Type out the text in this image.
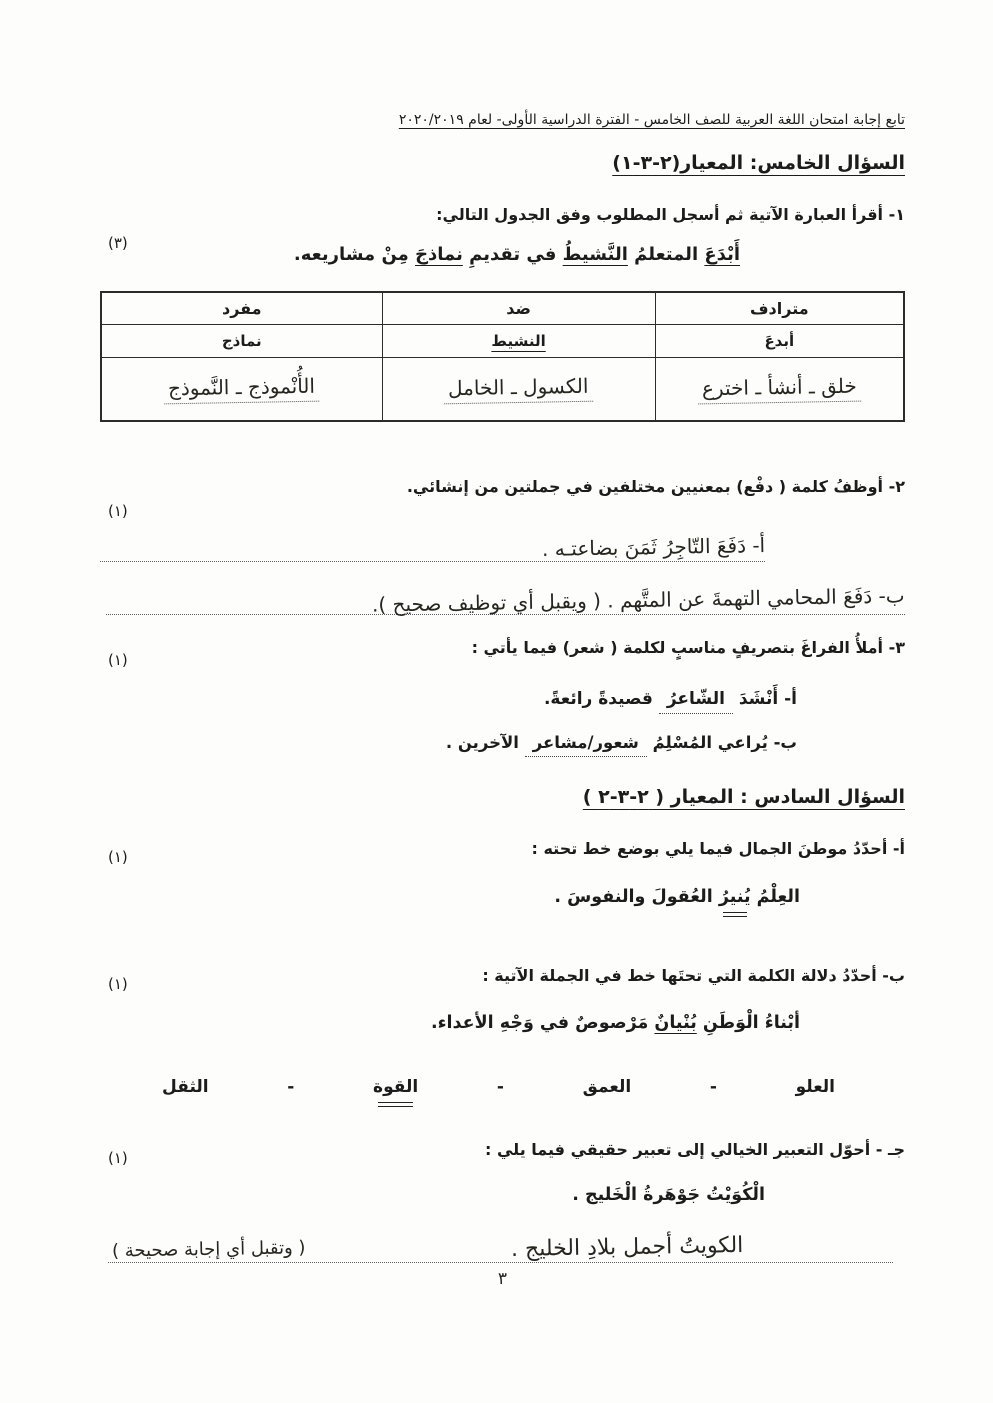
تابع إجابة امتحان اللغة العربية للصف الخامس - الفترة الدراسية الأولى- لعام ٢٠٢٠/٢٠١٩
السؤال الخامس: المعيار(٢-٣-١)

١- أقرأ العبارة الآتية ثم أسجل المطلوب وفق الجدول التالي:

(٣)

أَبْدَعَ المتعلمُ النَّشيطُ في تقديمِ نماذجَ مِنْ مشاريعه.

مترادف	ضد	مفرد
أبدعَ	النشيط	نماذج
خلق ـ أنشأ ـ اخترع	الكسول ـ الخامل	الأُنْموذج ـ النَّموذج

٢- أوظفُ كلمة ( دفْع) بمعنيين مختلفين في جملتين من إنشائي.

(١)
أ- دَفَعَ التّاجِرُ ثَمَنَ بضاعتـه .
ب- دَفَعَ المحامي التهمةَ عن المتَّهم . ( ويقبل أي توظيف صحيح ).

٣- أملأُ الفراغَ بتصريفٍ مناسبٍ لكلمة ( شعر) فيما يأتي :

(١)

أ- أَنْشَدَ الشّاعرُ قصيدةً رائعةً.

ب- يُراعي المُسْلِمُ شعور/مشاعر الآخرين .

السؤال السادس : المعيار ( ٢-٣-٢ )

أ- أحدّدُ موطنَ الجمال فيما يلي بوضع خط تحته :

(١)

العِلْمُ يُنيرُ العُقولَ والنفوسَ .

ب- أحدّدُ دلالة الكلمة التي تحتَها خط في الجملة الآتية :

(١)

أبْناءُ الْوَطَنِ بُنْيانٌ مَرْصوصٌ في وَجْهِ الأعداء.

العلو
-
العمق
-
القوة
-
الثقل

جـ - أحوّل التعبير الخيالي إلى تعبير حقيقي فيما يلي :

(١)

الْكُوَيْتُ جَوْهَرةُ الْخَليج .

الكويتُ أجمل بلادِ الخليج .
( وتقبل أي إجابة صحيحة )
٣
